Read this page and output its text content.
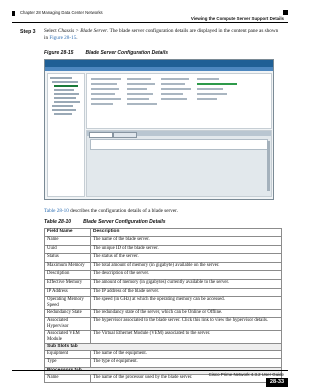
Chapter 28 Managing Data Center Networks
Viewing the Compute Server Support Details
Step 3 Select Chassis > Blade Server. The blade server configuration details are displayed in the content pane as shown in Figure 28-15.
Figure 28-15 Blade Server Configuration Details
Table 28-10 describes the configuration details of a blade server.
Table 28-10 Blade Server Configuration Details
Field Name	Description
Name	The name of the blade server.
Uuid	The unique ID of the blade server.
Status	The status of the server.
Maximum Memory	The total amount of memory (in gigabyte) available on the server.
Description	The description of the server.
Effective Memory	The amount of memory (in gigabytes) currently available to the server.
IP Address	The IP address of the blade server.
Operating Memory Speed	The speed (in GHz) at which the operating memory can be accessed.
Redundancy State	The redundancy state of the server, which can be Online or Offline.
Associated Hypervisor	The hypervisor associated to the blade server. Click this link to view the hypervisor details.
Associated VEM Module	The Virtual Ethernet Module (VEM) associated to the server.
Sub Slots tab	
Equipment	The name of the equipment.
Type	The type of equipment.

Name	The name of the processor used by the blade server.
Cisco Prime Network 4.3.2 User Guide
28-33
